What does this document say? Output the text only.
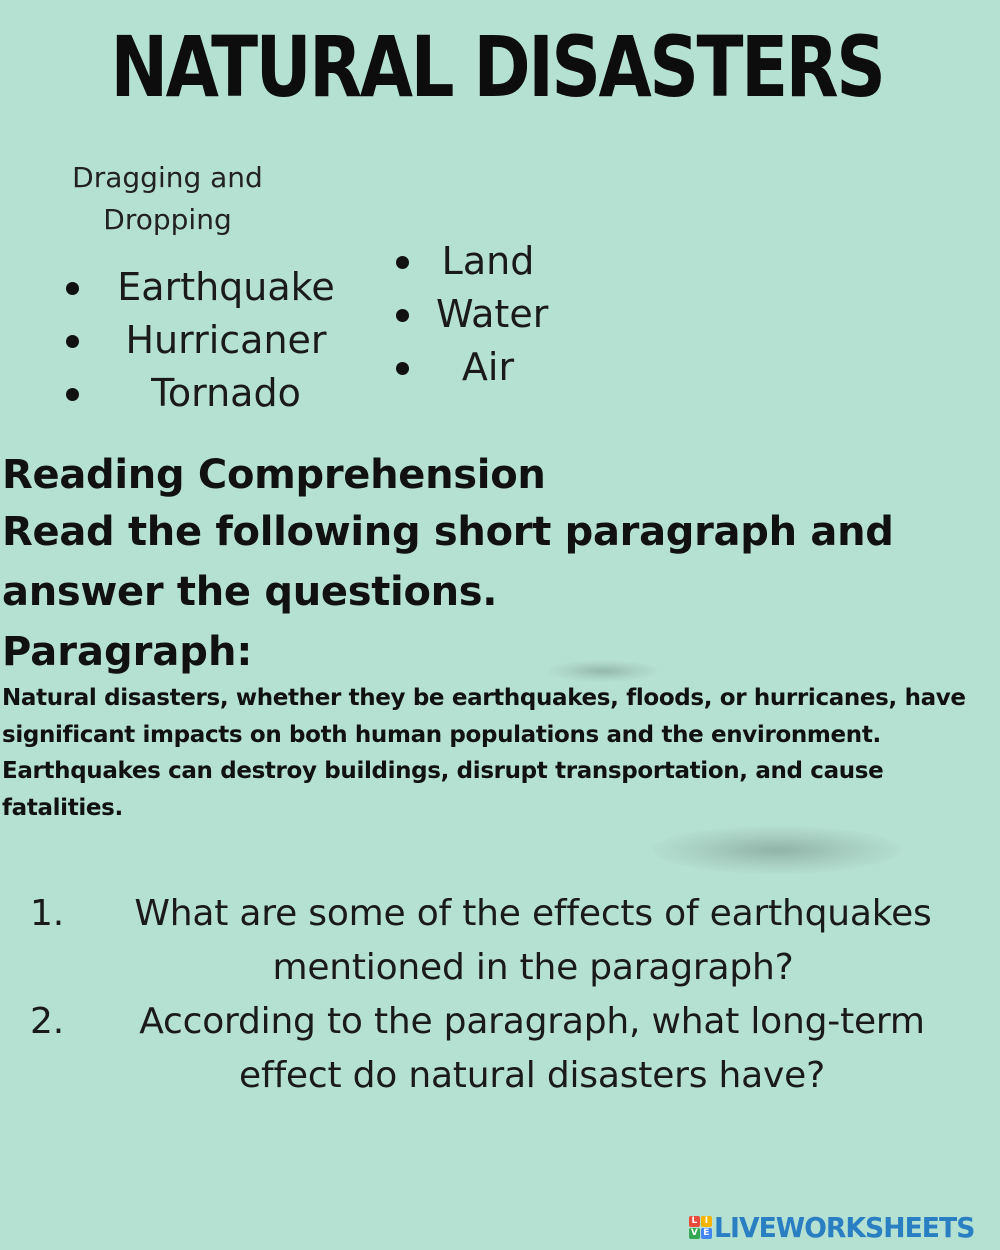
NATURAL DISASTERS
Dragging and Dropping
Earthquake
Hurricaner
Tornado
Land
Water
Air
Reading Comprehension
Read the following short paragraph and answer the questions.
Paragraph:
Natural disasters, whether they be earthquakes, floods, or hurricanes, have significant impacts on both human populations and the environment. Earthquakes can destroy buildings, disrupt transportation, and cause fatalities.
1.	What are some of the effects of earthquakes mentioned in the paragraph?
2.	According to the paragraph, what long-term effect do natural disasters have?
L I
V E LIVEWORKSHEETS
